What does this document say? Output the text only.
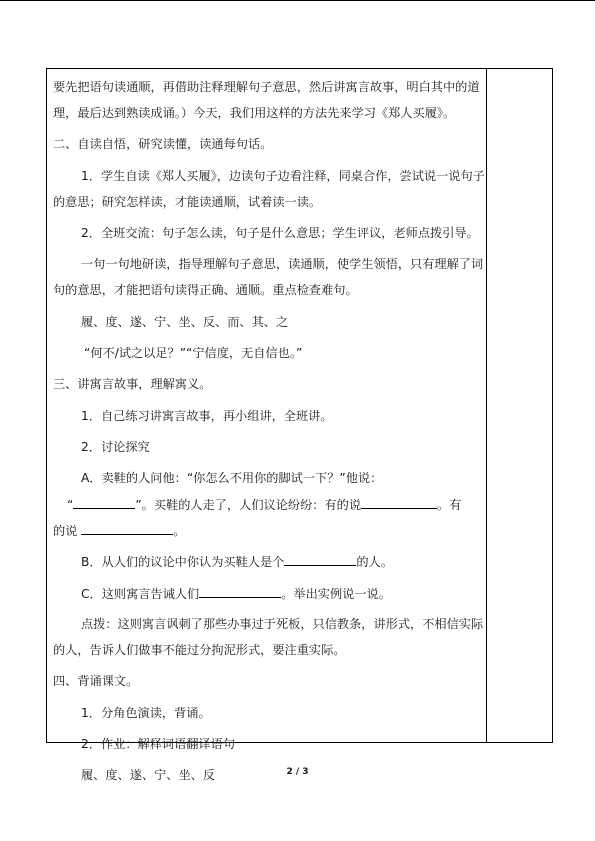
要先把语句读通顺，再借助注释理解句子意思，然后讲寓言故事，明白其中的道
理，最后达到熟读成诵。）今天，我们用这样的方法先来学习《郑人买履》。
二、自读自悟，研究读懂，读通每句话。
1．学生自读《郑人买履》，边读句子边看注释，同桌合作，尝试说一说句子
的意思；研究怎样读，才能读通顺，试着读一读。
2．全班交流：句子怎么读，句子是什么意思；学生评议，老师点拨引导。
一句一句地研读，指导理解句子意思，读通顺，使学生领悟，只有理解了词
句的意思，才能把语句读得正确、通顺。重点检查难句。
履、度、遂、宁、坐、反、而、其、之
“何不/试之以足？”“宁信度，无自信也。”
三、讲寓言故事，理解寓义。
1．自己练习讲寓言故事，再小组讲，全班讲。
2．讨论探究
A．卖鞋的人问他：“你怎么不用你的脚试一下？”他说：
“	”。买鞋的人走了，人们议论纷纷：有的说	。有
的说	。
B．从人们的议论中你认为买鞋人是个	的人。
C．这则寓言告诫人们	。举出实例说一说。
点拨：这则寓言讽刺了那些办事过于死板，只信教条，讲形式，不相信实际
的人，告诉人们做事不能过分拘泥形式，要注重实际。
四、背诵课文。
1．分角色演读，背诵。
2．作业：解释词语翻译语句
履、度、遂、宁、坐、反	2 / 3
